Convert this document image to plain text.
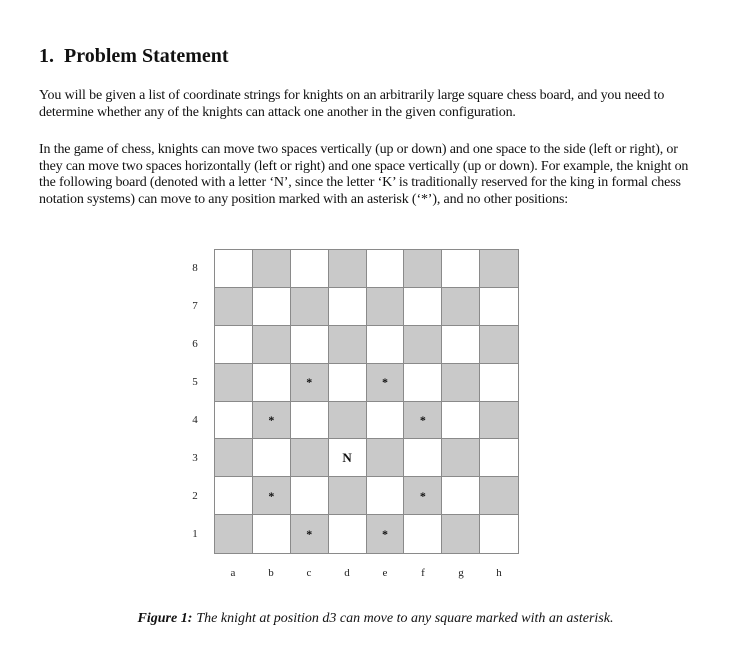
1. Problem Statement

You will be given a list of coordinate strings for knights on an arbitrarily large square chess board, and you need to determine whether any of the knights can attack one another in the given configuration.

In the game of chess, knights can move two spaces vertically (up or down) and one space to the side (left or right), or they can move two spaces horizontally (left or right) and one space vertically (up or down). For example, the knight on the following board (denoted with a letter ‘N’, since the letter ‘K’ is traditionally reserved for the king in formal chess notation systems) can move to any position marked with an asterisk (‘*’), and no other positions:

*	*
*	*
N
*	*
*	*
8
7
6
5
4
3
2
1
a	b	c	d	e	f	g	h

Figure 1: The knight at position d3 can move to any square marked with an asterisk.
